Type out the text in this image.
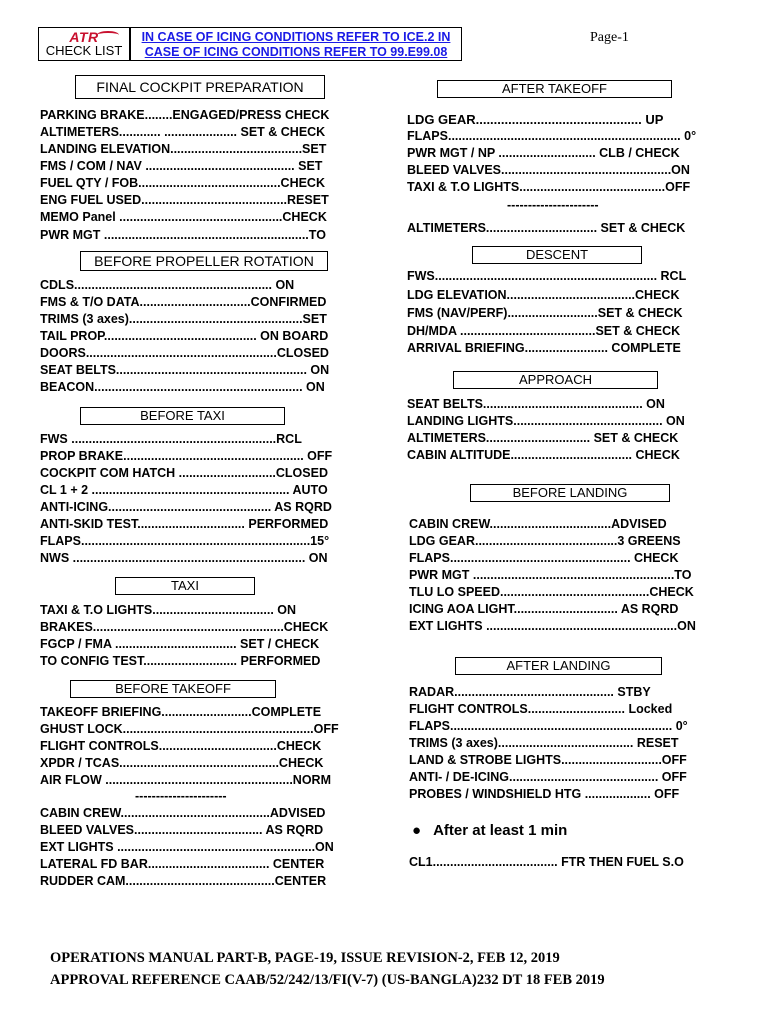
ATR
CHECK LIST
IN CASE OF ICING CONDITIONS REFER TO ICE.2 IN
CASE OF ICING CONDITIONS REFER TO 99.E99.08
Page-1
FINAL COCKPIT PREPARATION
PARKING BRAKE........ENGAGED/PRESS CHECK
ALTIMETERS............ ..................... SET & CHECK
LANDING ELEVATION......................................SET
FMS / COM / NAV ........................................... SET
FUEL QTY / FOB.........................................CHECK
ENG FUEL USED..........................................RESET
MEMO Panel ...............................................CHECK
PWR MGT ...........................................................TO
BEFORE PROPELLER ROTATION
CDLS......................................................... ON
FMS & T/O DATA................................CONFIRMED
TRIMS (3 axes)..................................................SET
TAIL PROP............................................ ON BOARD
DOORS.......................................................CLOSED
SEAT BELTS....................................................... ON
BEACON............................................................ ON
BEFORE TAXI
FWS ...........................................................RCL
PROP BRAKE.................................................... OFF
COCKPIT COM HATCH ............................CLOSED
CL 1 + 2 ......................................................... AUTO
ANTI-ICING............................................... AS RQRD
ANTI-SKID TEST............................... PERFORMED
FLAPS..................................................................15°
NWS ................................................................... ON
TAXI
TAXI & T.O LIGHTS................................... ON
BRAKES.......................................................CHECK
FGCP / FMA ................................... SET / CHECK
TO CONFIG TEST........................... PERFORMED
BEFORE TAKEOFF
TAKEOFF BRIEFING..........................COMPLETE
GHUST LOCK.......................................................OFF
FLIGHT CONTROLS..................................CHECK
XPDR / TCAS..............................................CHECK
AIR FLOW ......................................................NORM
----------------------
CABIN CREW...........................................ADVISED
BLEED VALVES..................................... AS RQRD
EXT LIGHTS .........................................................ON
LATERAL FD BAR................................... CENTER
RUDDER CAM...........................................CENTER
AFTER TAKEOFF
LDG GEAR.............................................. UP
FLAPS................................................................... 0°
PWR MGT / NP ............................ CLB / CHECK
BLEED VALVES.................................................ON
TAXI & T.O LIGHTS..........................................OFF
----------------------
ALTIMETERS................................ SET & CHECK
DESCENT
FWS................................................................ RCL
LDG ELEVATION.....................................CHECK
FMS (NAV/PERF)..........................SET & CHECK
DH/MDA .......................................SET & CHECK
ARRIVAL BRIEFING........................ COMPLETE
APPROACH
SEAT BELTS.............................................. ON
LANDING LIGHTS........................................... ON
ALTIMETERS.............................. SET & CHECK
CABIN ALTITUDE................................... CHECK
BEFORE LANDING
CABIN CREW...................................ADVISED
LDG GEAR.........................................3 GREENS
FLAPS.................................................... CHECK
PWR MGT ..........................................................TO
TLU LO SPEED...........................................CHECK
ICING AOA LIGHT.............................. AS RQRD
EXT LIGHTS .......................................................ON
AFTER LANDING
RADAR.............................................. STBY
FLIGHT CONTROLS............................ Locked
FLAPS................................................................ 0°
TRIMS (3 axes)....................................... RESET
LAND & STROBE LIGHTS.............................OFF
ANTI- / DE-ICING........................................... OFF
PROBES / WINDSHIELD HTG ................... OFF
● After at least 1 min
CL1.................................... FTR THEN FUEL S.O
OPERATIONS MANUAL PART-B, PAGE-19, ISSUE REVISION-2, FEB 12, 2019
APPROVAL REFERENCE CAAB/52/242/13/FI(V-7) (US-BANGLA)232 DT 18 FEB 2019
